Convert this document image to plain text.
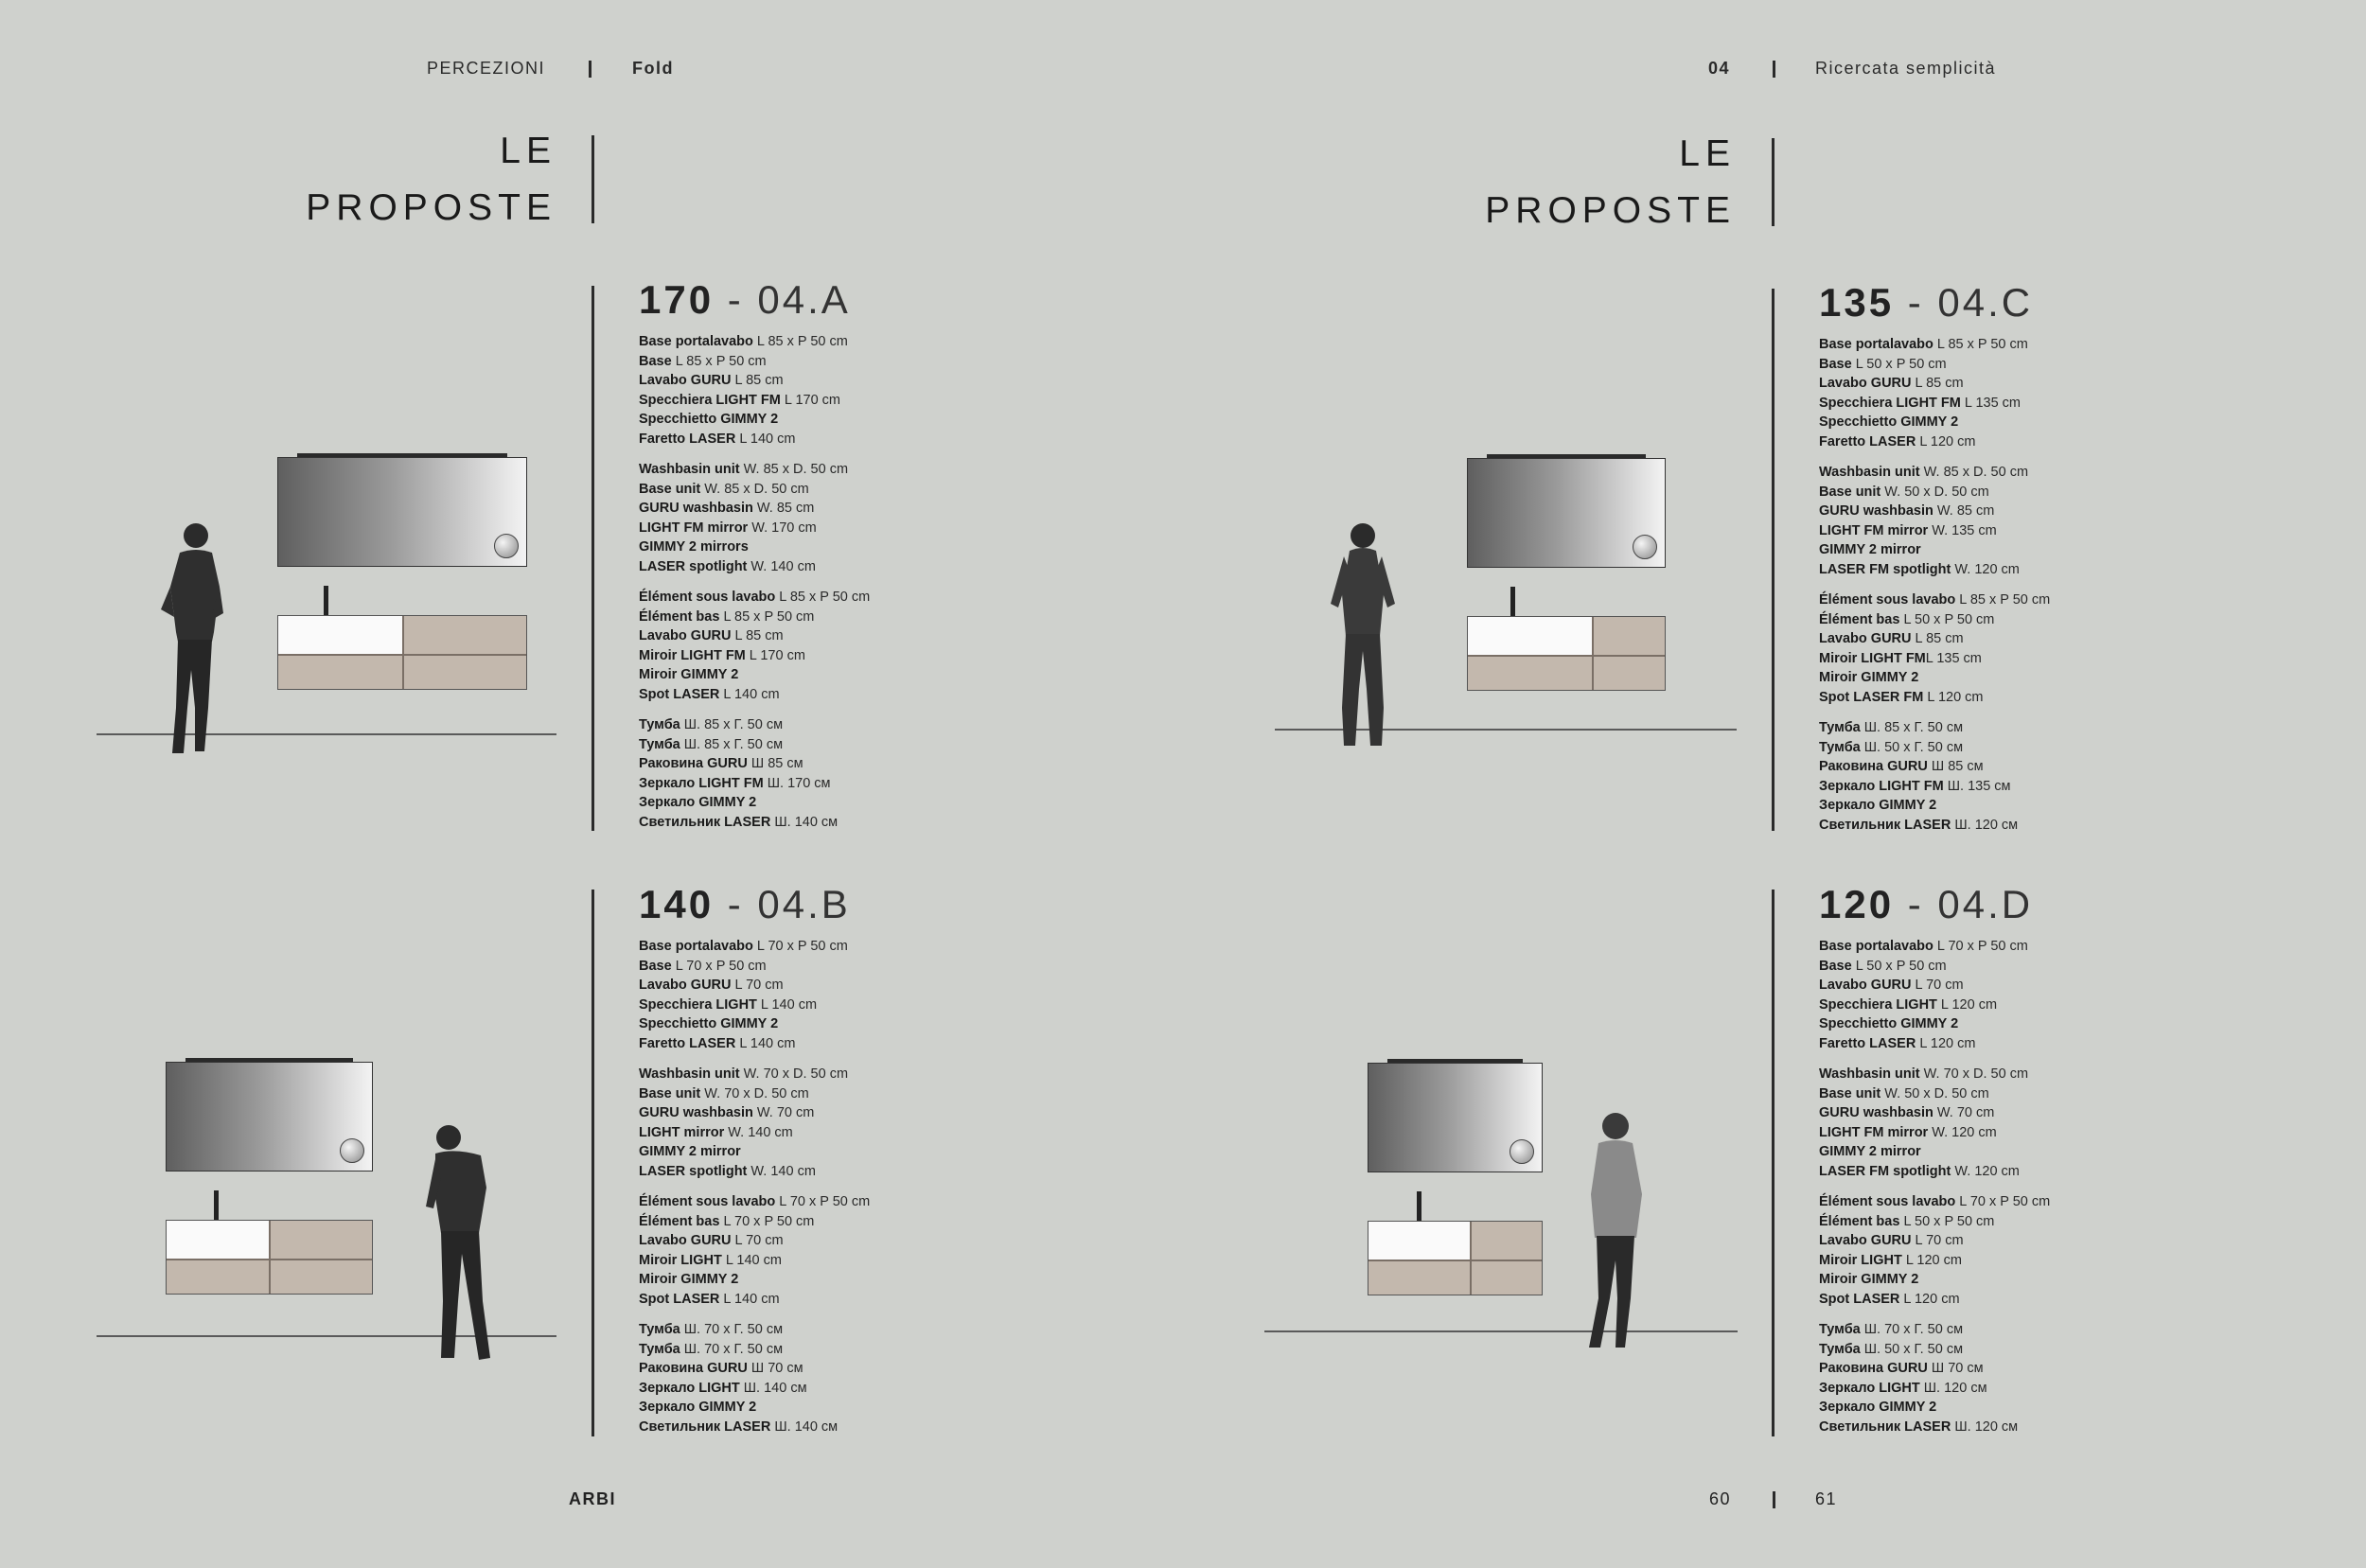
PERCEZIONI	Fold	04	Ricercata semplicità
LE
PROPOSTE
LE
PROPOSTE
170 - 04.A
Base portalavabo L 85 x P 50 cm
Base L 85 x P 50 cm
Lavabo GURU L 85 cm
Specchiera LIGHT FM L 170 cm
Specchietto GIMMY 2
Faretto LASER L 140 cm
Washbasin unit W. 85 x D. 50 cm
Base unit W. 85 x D. 50 cm
GURU washbasin W. 85 cm
LIGHT FM mirror W. 170 cm
GIMMY 2 mirrors
LASER spotlight W. 140 cm
Élément sous lavabo L 85 x P 50 cm
Élément bas L 85 x P 50 cm
Lavabo GURU L 85 cm
Miroir LIGHT FM L 170 cm
Miroir GIMMY 2
Spot LASER L 140 cm
Тумба Ш. 85 x Г. 50 см
Тумба Ш. 85 x Г. 50 см
Раковина GURU Ш 85 см
Зеркало LIGHT FM Ш. 170 см
Зеркало GIMMY 2
Светильник LASER Ш. 140 см
140 - 04.B
Base portalavabo L 70 x P 50 cm
Base L 70 x P 50 cm
Lavabo GURU L 70 cm
Specchiera LIGHT L 140 cm
Specchietto GIMMY 2
Faretto LASER L 140 cm
Washbasin unit W. 70 x D. 50 cm
Base unit W. 70 x D. 50 cm
GURU washbasin W. 70 cm
LIGHT mirror W. 140 cm
GIMMY 2 mirror
LASER spotlight W. 140 cm
Élément sous lavabo L 70 x P 50 cm
Élément bas L 70 x P 50 cm
Lavabo GURU L 70 cm
Miroir LIGHT L 140 cm
Miroir GIMMY 2
Spot LASER L 140 cm
Тумба Ш. 70 x Г. 50 см
Тумба Ш. 70 x Г. 50 см
Раковина GURU Ш 70 см
Зеркало LIGHT Ш. 140 см
Зеркало GIMMY 2
Светильник LASER Ш. 140 см
135 - 04.C
Base portalavabo L 85 x P 50 cm
Base L 50 x P 50 cm
Lavabo GURU L 85 cm
Specchiera LIGHT FM L 135 cm
Specchietto GIMMY 2
Faretto LASER L 120 cm
Washbasin unit W. 85 x D. 50 cm
Base unit W. 50 x D. 50 cm
GURU washbasin W. 85 cm
LIGHT FM mirror W. 135 cm
GIMMY 2 mirror
LASER FM spotlight W. 120 cm
Élément sous lavabo L 85 x P 50 cm
Élément bas L 50 x P 50 cm
Lavabo GURU L 85 cm
Miroir LIGHT FML 135 cm
Miroir GIMMY 2
Spot LASER FM L 120 cm
Тумба Ш. 85 x Г. 50 см
Тумба Ш. 50 x Г. 50 см
Раковина GURU Ш 85 см
Зеркало LIGHT FM Ш. 135 см
Зеркало GIMMY 2
Светильник LASER Ш. 120 см
120 - 04.D
Base portalavabo L 70 x P 50 cm
Base L 50 x P 50 cm
Lavabo GURU L 70 cm
Specchiera LIGHT L 120 cm
Specchietto GIMMY 2
Faretto LASER L 120 cm
Washbasin unit W. 70 x D. 50 cm
Base unit W. 50 x D. 50 cm
GURU washbasin W. 70 cm
LIGHT FM mirror W. 120 cm
GIMMY 2 mirror
LASER FM spotlight W. 120 cm
Élément sous lavabo L 70 x P 50 cm
Élément bas L 50 x P 50 cm
Lavabo GURU L 70 cm
Miroir LIGHT L 120 cm
Miroir GIMMY 2
Spot LASER L 120 cm
Тумба Ш. 70 x Г. 50 см
Тумба Ш. 50 x Г. 50 см
Раковина GURU Ш 70 см
Зеркало LIGHT Ш. 120 см
Зеркало GIMMY 2
Светильник LASER Ш. 120 см
ARBI	60	61
